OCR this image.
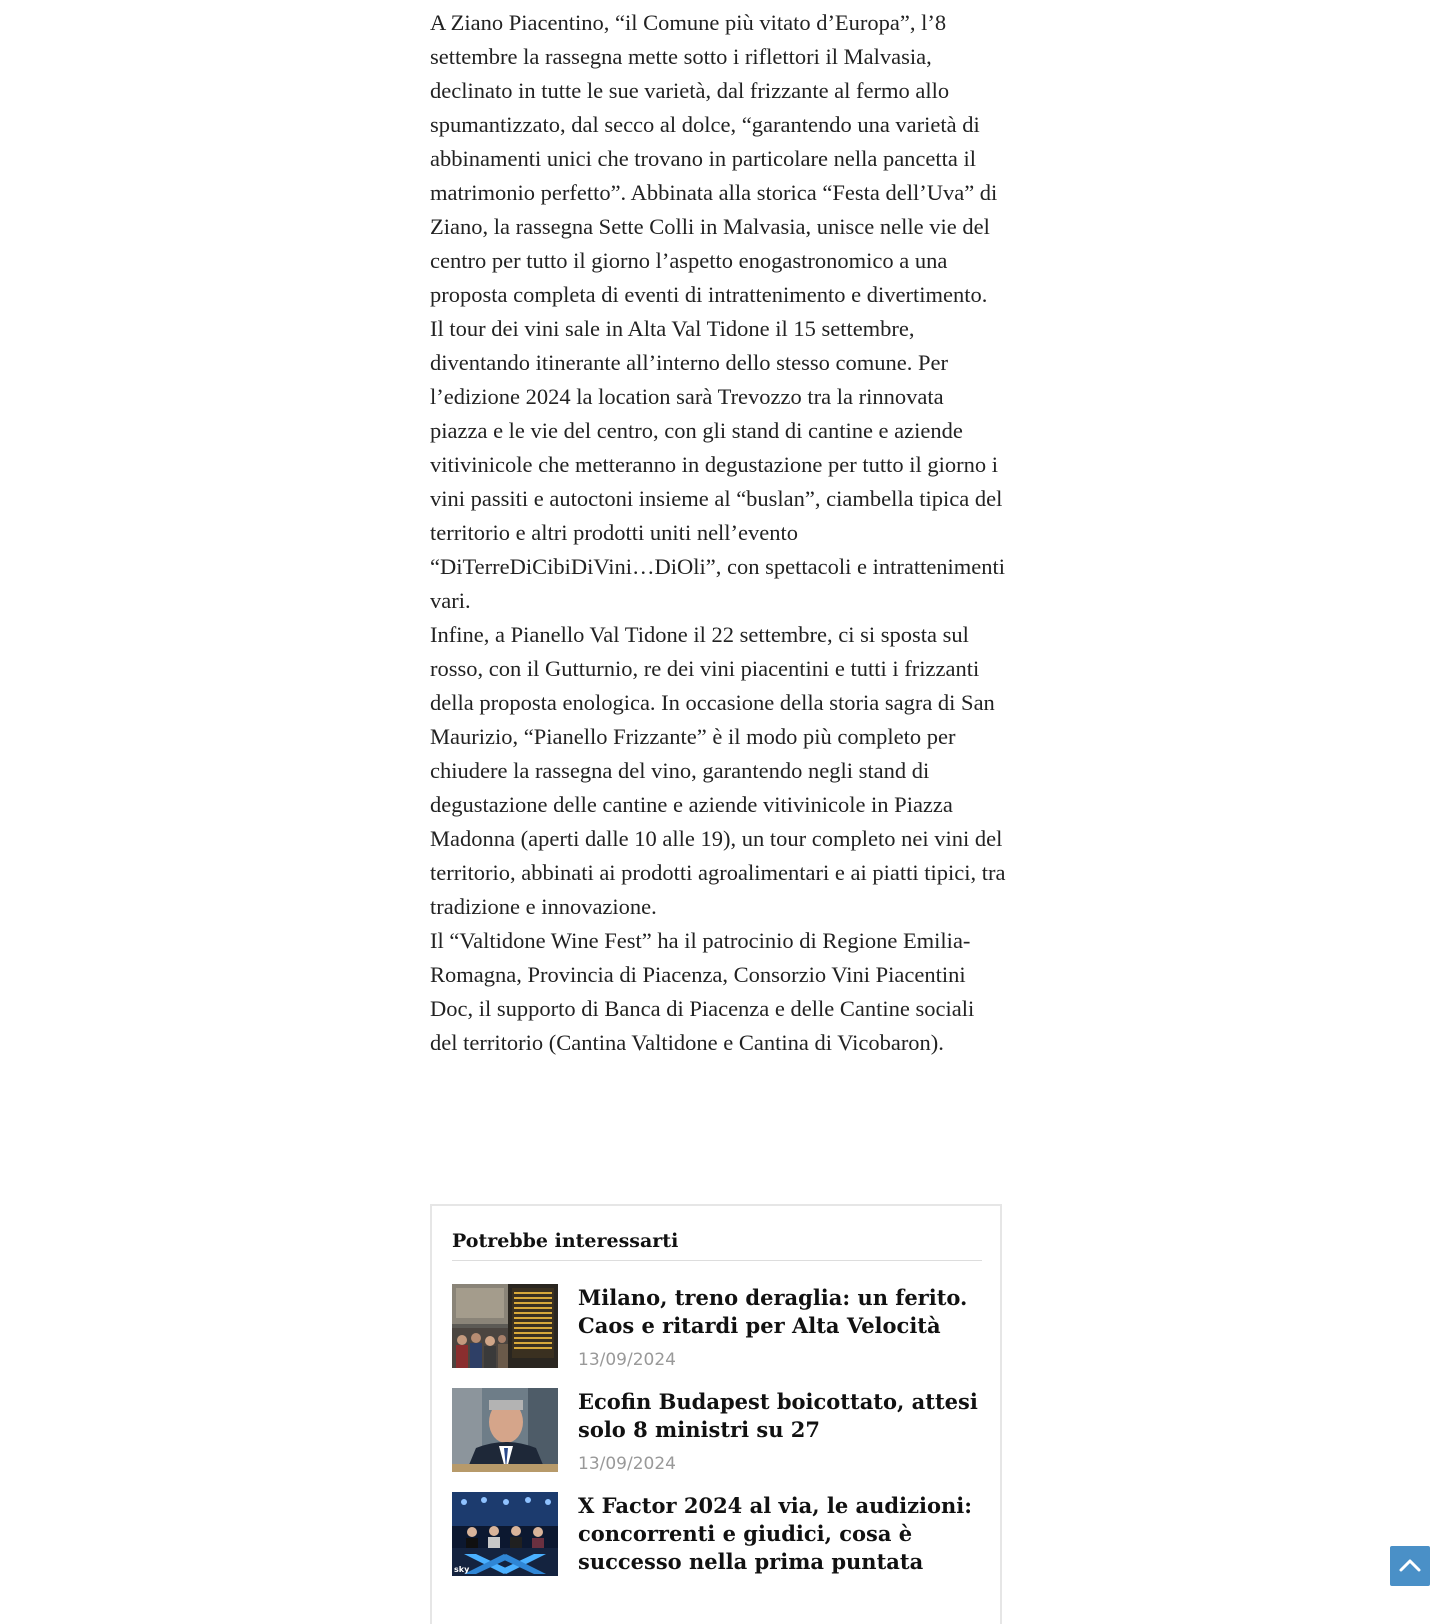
A Ziano Piacentino, “il Comune più vitato d’Europa”, l’8 settembre la rassegna mette sotto i riflettori il Malvasia, declinato in tutte le sue varietà, dal frizzante al fermo allo spumantizzato, dal secco al dolce, “garantendo una varietà di abbinamenti unici che trovano in particolare nella pancetta il matrimonio perfetto”. Abbinata alla storica “Festa dell’Uva” di Ziano, la rassegna Sette Colli in Malvasia, unisce nelle vie del centro per tutto il giorno l’aspetto enogastronomico a una proposta completa di eventi di intrattenimento e divertimento.

Il tour dei vini sale in Alta Val Tidone il 15 settembre, diventando itinerante all’interno dello stesso comune. Per l’edizione 2024 la location sarà Trevozzo tra la rinnovata piazza e le vie del centro, con gli stand di cantine e aziende vitivinicole che metteranno in degustazione per tutto il giorno i vini passiti e autoctoni insieme al “buslan”, ciambella tipica del territorio e altri prodotti uniti nell’evento “DiTerreDiCibiDiVini…DiOli”, con spettacoli e intrattenimenti vari.

Infine, a Pianello Val Tidone il 22 settembre, ci si sposta sul rosso, con il Gutturnio, re dei vini piacentini e tutti i frizzanti della proposta enologica. In occasione della storia sagra di San Maurizio, “Pianello Frizzante” è il modo più completo per chiudere la rassegna del vino, garantendo negli stand di degustazione delle cantine e aziende vitivinicole in Piazza Madonna (aperti dalle 10 alle 19), un tour completo nei vini del territorio, abbinati ai prodotti agroalimentari e ai piatti tipici, tra tradizione e innovazione.

Il “Valtidone Wine Fest” ha il patrocinio di Regione Emilia-Romagna, Provincia di Piacenza, Consorzio Vini Piacentini Doc, il supporto di Banca di Piacenza e delle Cantine sociali del territorio (Cantina Valtidone e Cantina di Vicobaron).

Potrebbe interessarti
Milano, treno deraglia: un ferito. Caos e ritardi per Alta Velocità
13/09/2024
Ecofin Budapest boicottato, attesi solo 8 ministri su 27
13/09/2024
sky
X Factor 2024 al via, le audizioni: concorrenti e giudici, cosa è successo nella prima puntata
